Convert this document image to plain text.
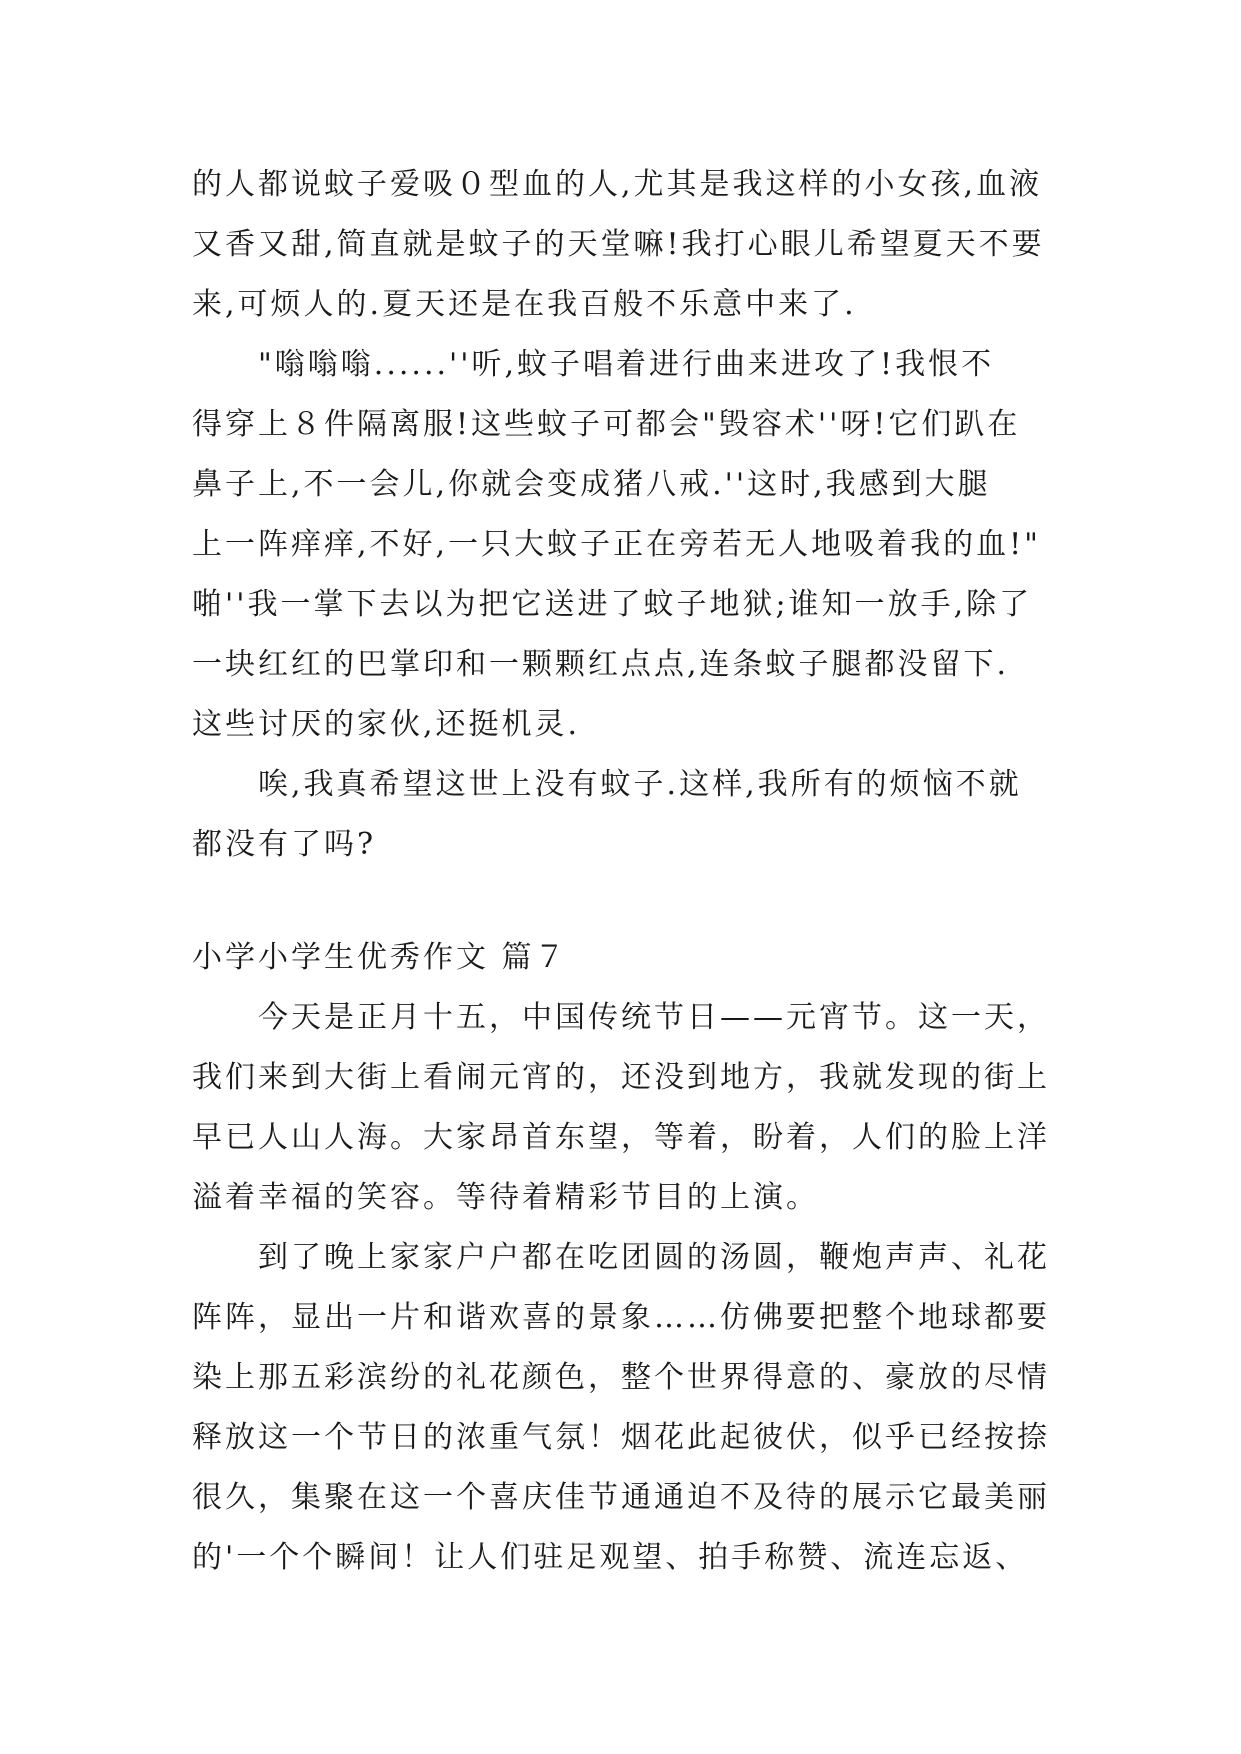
的人都说蚊子爱吸０型血的人,尤其是我这样的小女孩,血液
又香又甜,简直就是蚊子的天堂嘛!我打心眼儿希望夏天不要
来,可烦人的.夏天还是在我百般不乐意中来了.
"嗡嗡嗡......''听,蚊子唱着进行曲来进攻了!我恨不
得穿上８件隔离服!这些蚊子可都会"毁容术''呀!它们趴在
鼻子上,不一会儿,你就会变成猪八戒.''这时,我感到大腿
上一阵痒痒,不好,一只大蚊子正在旁若无人地吸着我的血!"
啪''我一掌下去以为把它送进了蚊子地狱;谁知一放手,除了
一块红红的巴掌印和一颗颗红点点,连条蚊子腿都没留下.
这些讨厌的家伙,还挺机灵.
唉,我真希望这世上没有蚊子.这样,我所有的烦恼不就
都没有了吗?
小学小学生优秀作文 篇７
今天是正月十五，中国传统节日——元宵节。这一天，
我们来到大街上看闹元宵的，还没到地方，我就发现的街上
早已人山人海。大家昂首东望，等着，盼着，人们的脸上洋
溢着幸福的笑容。等待着精彩节目的上演。
到了晚上家家户户都在吃团圆的汤圆，鞭炮声声、礼花
阵阵，显出一片和谐欢喜的景象……仿佛要把整个地球都要
染上那五彩滨纷的礼花颜色，整个世界得意的、豪放的尽情
释放这一个节日的浓重气氛！烟花此起彼伏，似乎已经按捺
很久，集聚在这一个喜庆佳节通通迫不及待的展示它最美丽
的'一个个瞬间！让人们驻足观望、拍手称赞、流连忘返、
